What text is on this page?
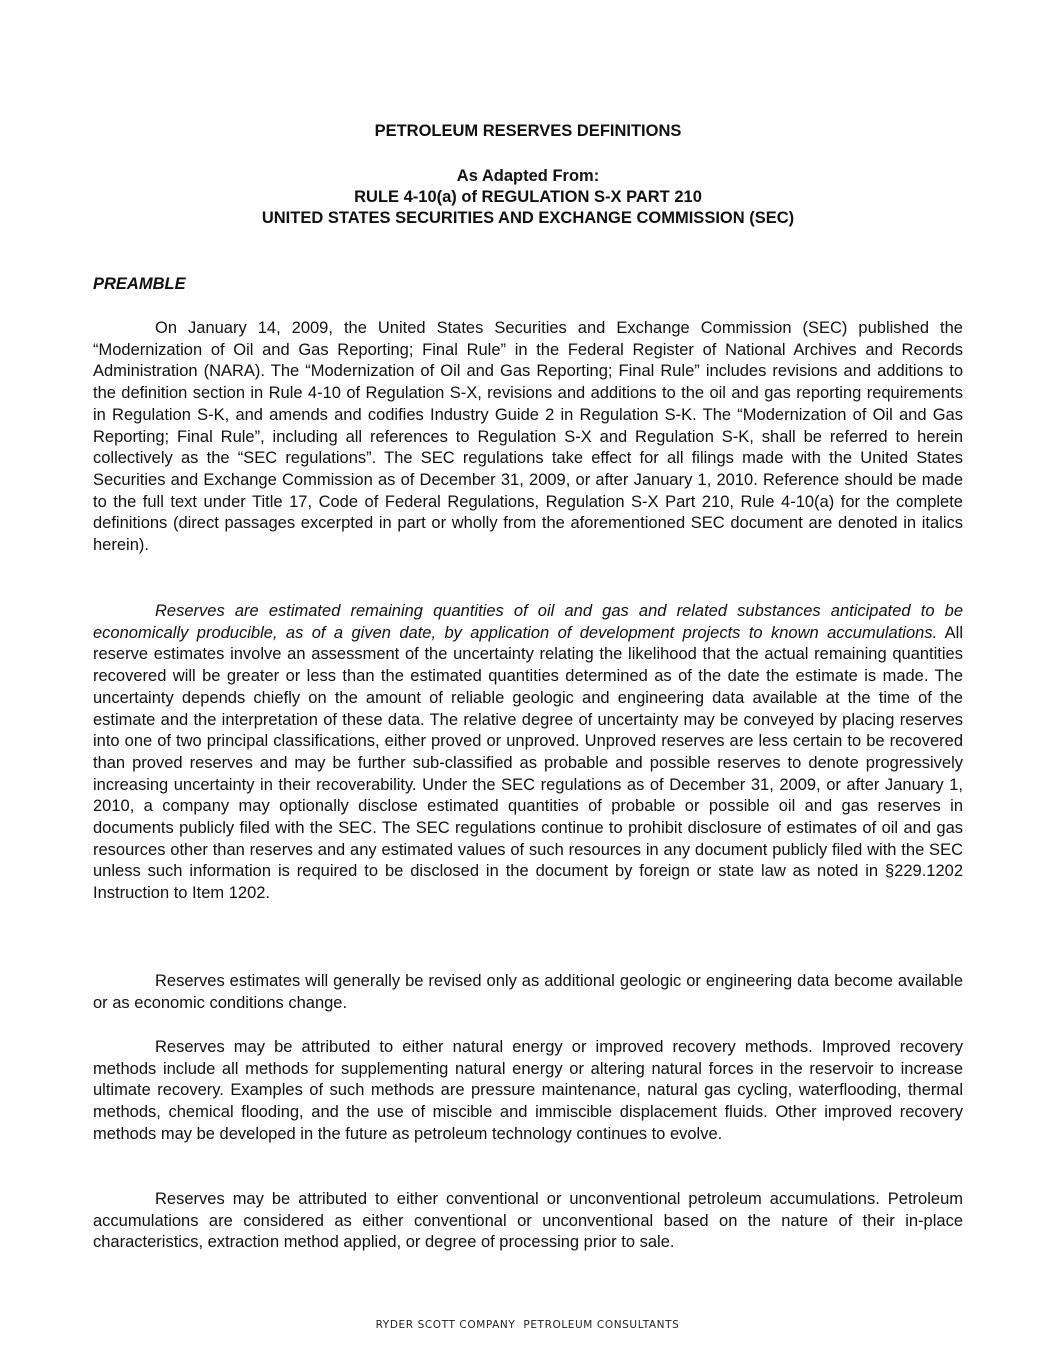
PETROLEUM RESERVES DEFINITIONS
As Adapted From:
RULE 4-10(a) of REGULATION S-X PART 210
UNITED STATES SECURITIES AND EXCHANGE COMMISSION (SEC)
PREAMBLE

On January 14, 2009, the United States Securities and Exchange Commission (SEC) published the “Modernization of Oil and Gas Reporting; Final Rule” in the Federal Register of National Archives and Records Administration (NARA). The “Modernization of Oil and Gas Reporting; Final Rule” includes revisions and additions to the definition section in Rule 4-10 of Regulation S-X, revisions and additions to the oil and gas reporting requirements in Regulation S-K, and amends and codifies Industry Guide 2 in Regulation S-K. The “Modernization of Oil and Gas Reporting; Final Rule”, including all references to Regulation S-X and Regulation S-K, shall be referred to herein collectively as the “SEC regulations”. The SEC regulations take effect for all filings made with the United States Securities and Exchange Commission as of December 31, 2009, or after January 1, 2010. Reference should be made to the full text under Title 17, Code of Federal Regulations, Regulation S-X Part 210, Rule 4-10(a) for the complete definitions (direct passages excerpted in part or wholly from the aforementioned SEC document are denoted in italics herein).

Reserves are estimated remaining quantities of oil and gas and related substances anticipated to be economically producible, as of a given date, by application of development projects to known accumulations. All reserve estimates involve an assessment of the uncertainty relating the likelihood that the actual remaining quantities recovered will be greater or less than the estimated quantities determined as of the date the estimate is made. The uncertainty depends chiefly on the amount of reliable geologic and engineering data available at the time of the estimate and the interpretation of these data. The relative degree of uncertainty may be conveyed by placing reserves into one of two principal classifications, either proved or unproved. Unproved reserves are less certain to be recovered than proved reserves and may be further sub-classified as probable and possible reserves to denote progressively increasing uncertainty in their recoverability. Under the SEC regulations as of December 31, 2009, or after January 1, 2010, a company may optionally disclose estimated quantities of probable or possible oil and gas reserves in documents publicly filed with the SEC. The SEC regulations continue to prohibit disclosure of estimates of oil and gas resources other than reserves and any estimated values of such resources in any document publicly filed with the SEC unless such information is required to be disclosed in the document by foreign or state law as noted in §229.1202 Instruction to Item 1202.

Reserves estimates will generally be revised only as additional geologic or engineering data become available or as economic conditions change.

Reserves may be attributed to either natural energy or improved recovery methods. Improved recovery methods include all methods for supplementing natural energy or altering natural forces in the reservoir to increase ultimate recovery. Examples of such methods are pressure maintenance, natural gas cycling, waterflooding, thermal methods, chemical flooding, and the use of miscible and immiscible displacement fluids. Other improved recovery methods may be developed in the future as petroleum technology continues to evolve.

Reserves may be attributed to either conventional or unconventional petroleum accumulations. Petroleum accumulations are considered as either conventional or unconventional based on the nature of their in-place characteristics, extraction method applied, or degree of processing prior to sale.

RYDER SCOTT COMPANY PETROLEUM CONSULTANTS
